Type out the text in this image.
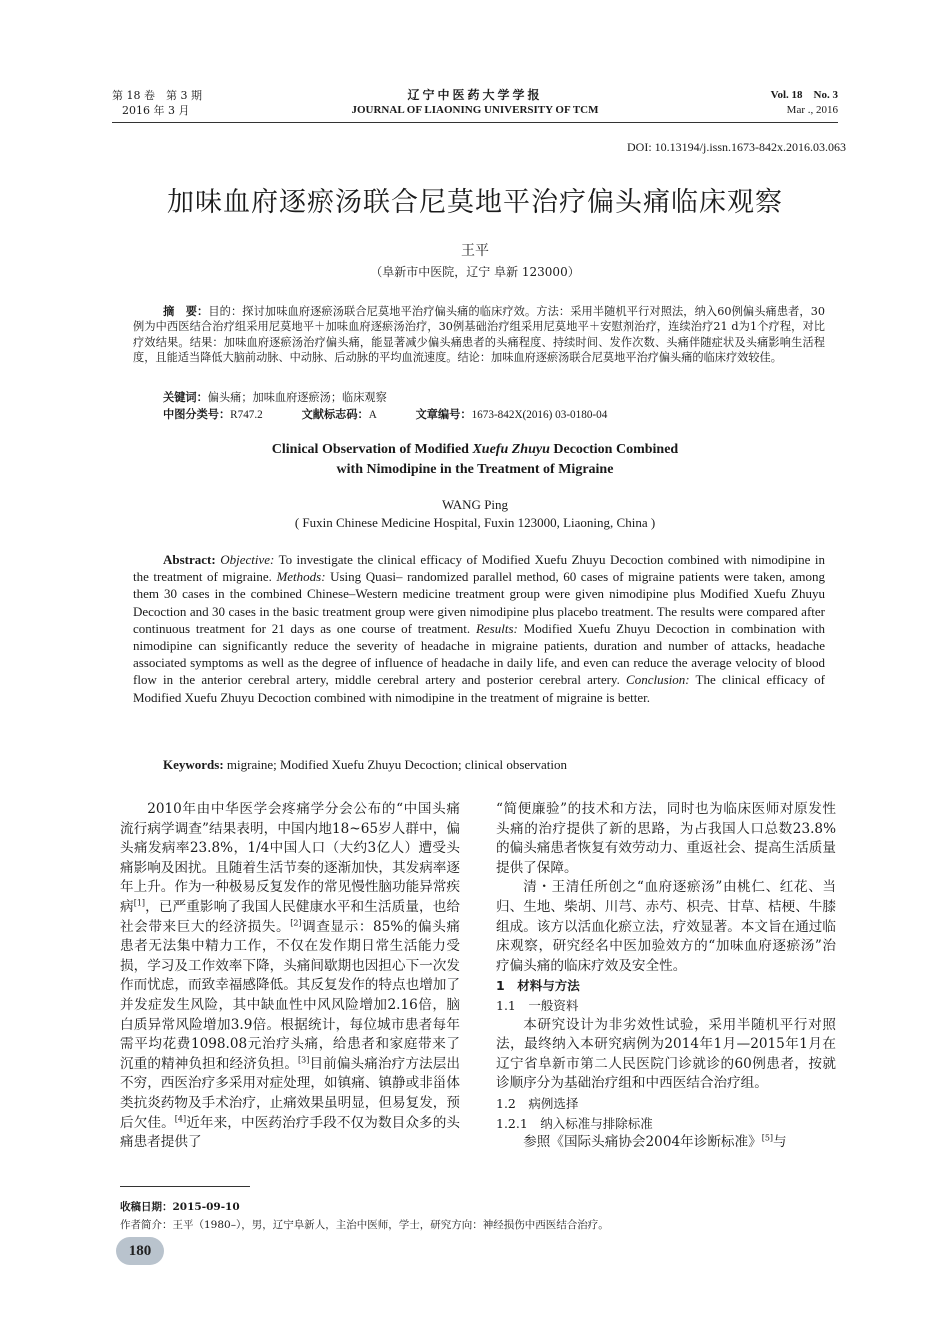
第 18 卷　第 3 期
2016 年 3 月
辽宁中医药大学学报
JOURNAL OF LIAONING UNIVERSITY OF TCM
Vol. 18　No. 3
Mar ., 2016
DOI: 10.13194/j.issn.1673-842x.2016.03.063
加味血府逐瘀汤联合尼莫地平治疗偏头痛临床观察
王平
（阜新市中医院，辽宁 阜新 123000）
摘　要：目的：探讨加味血府逐瘀汤联合尼莫地平治疗偏头痛的临床疗效。方法：采用半随机平行对照法，纳入60例偏头痛患者，30例为中西医结合治疗组采用尼莫地平＋加味血府逐瘀汤治疗，30例基础治疗组采用尼莫地平＋安慰剂治疗，连续治疗21 d为1个疗程，对比疗效结果。结果：加味血府逐瘀汤治疗偏头痛，能显著减少偏头痛患者的头痛程度、持续时间、发作次数、头痛伴随症状及头痛影响生活程度，且能适当降低大脑前动脉、中动脉、后动脉的平均血流速度。结论：加味血府逐瘀汤联合尼莫地平治疗偏头痛的临床疗效较佳。
关键词：偏头痛；加味血府逐瘀汤；临床观察
中图分类号：R747.2	文献标志码：A	文章编号：1673-842X(2016) 03-0180-04
Clinical Observation of Modified Xuefu Zhuyu Decoction Combined
with Nimodipine in the Treatment of Migraine
WANG Ping
( Fuxin Chinese Medicine Hospital, Fuxin 123000, Liaoning, China )
Abstract: Objective: To investigate the clinical efficacy of Modified Xuefu Zhuyu Decoction combined with nimodipine in the treatment of migraine. Methods: Using Quasi– randomized parallel method, 60 cases of migraine patients were taken, among them 30 cases in the combined Chinese–Western medicine treatment group were given nimodipine plus Modified Xuefu Zhuyu Decoction and 30 cases in the basic treatment group were given nimodipine plus placebo treatment. The results were compared after continuous treatment for 21 days as one course of treatment. Results: Modified Xuefu Zhuyu Decoction in combination with nimodipine can significantly reduce the severity of headache in migraine patients, duration and number of attacks, headache associated symptoms as well as the degree of influence of headache in daily life, and even can reduce the average velocity of blood flow in the anterior cerebral artery, middle cerebral artery and posterior cerebral artery. Conclusion: The clinical efficacy of Modified Xuefu Zhuyu Decoction combined with nimodipine in the treatment of migraine is better.
Keywords: migraine; Modified Xuefu Zhuyu Decoction; clinical observation

2010年由中华医学会疼痛学分会公布的“中国头痛流行病学调查”结果表明，中国内地18~65岁人群中，偏头痛发病率23.8%，1/4中国人口（大约3亿人）遭受头痛影响及困扰。且随着生活节奏的逐渐加快，其发病率逐年上升。作为一种极易反复发作的常见慢性脑功能异常疾病[1]，已严重影响了我国人民健康水平和生活质量，也给社会带来巨大的经济损失。[2]调查显示：85%的偏头痛患者无法集中精力工作，不仅在发作期日常生活能力受损，学习及工作效率下降，头痛间歇期也因担心下一次发作而忧虑，而致幸福感降低。其反复发作的特点也增加了并发症发生风险，其中缺血性中风风险增加2.16倍，脑白质异常风险增加3.9倍。根据统计，每位城市患者每年需平均花费1098.08元治疗头痛，给患者和家庭带来了沉重的精神负担和经济负担。[3]目前偏头痛治疗方法层出不穷，西医治疗多采用对症处理，如镇痛、镇静或非甾体类抗炎药物及手术治疗，止痛效果虽明显，但易复发，预后欠佳。[4]近年来，中医药治疗手段不仅为数目众多的头痛患者提供了

“简便廉验”的技术和方法，同时也为临床医师对原发性头痛的治疗提供了新的思路，为占我国人口总数23.8%的偏头痛患者恢复有效劳动力、重返社会、提高生活质量提供了保障。

清・王清任所创之“血府逐瘀汤”由桃仁、红花、当归、生地、柴胡、川芎、赤芍、枳壳、甘草、桔梗、牛膝组成。该方以活血化瘀立法，疗效显著。本文旨在通过临床观察，研究经名中医加验效方的“加味血府逐瘀汤”治疗偏头痛的临床疗效及安全性。

1　材料与方法

1.1　一般资料

本研究设计为非劣效性试验，采用半随机平行对照法，最终纳入本研究病例为2014年1月—2015年1月在辽宁省阜新市第二人民医院门诊就诊的60例患者，按就诊顺序分为基础治疗组和中西医结合治疗组。

1.2　病例选择

1.2.1　纳入标准与排除标准

参照《国际头痛协会2004年诊断标准》[5]与

收稿日期：2015-09-10
作者简介：王平（1980–），男，辽宁阜新人，主治中医师，学士，研究方向：神经损伤中西医结合治疗。
180
